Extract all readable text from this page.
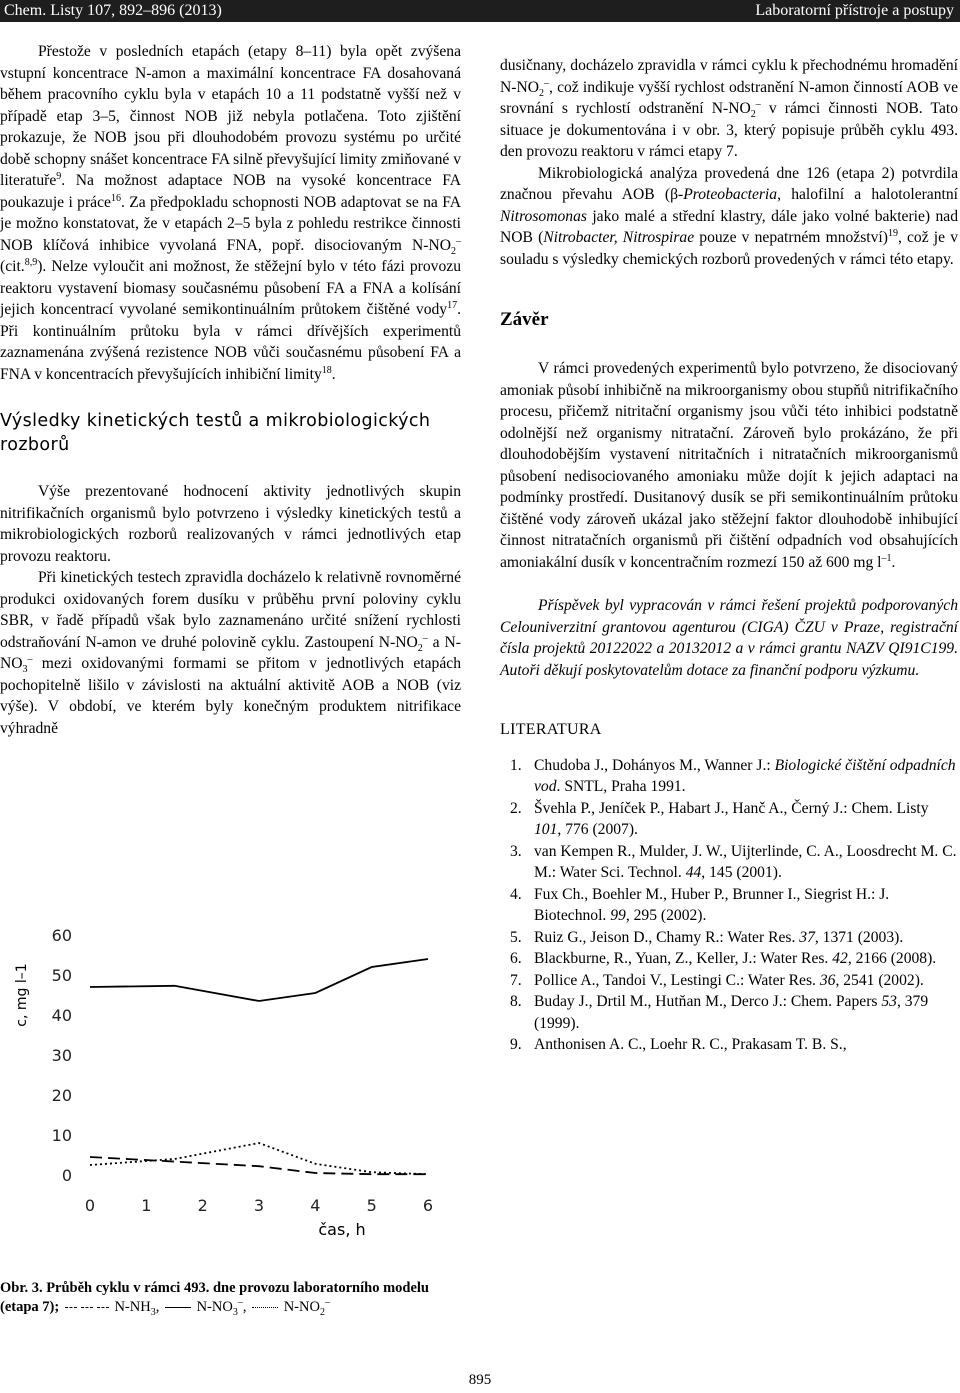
Chem. Listy 107, 892–896 (2013)	Laboratorní přístroje a postupy

Přestože v posledních etapách (etapy 8–11) byla opět zvýšena vstupní koncentrace N-amon a maximální koncentrace FA dosahovaná během pracovního cyklu byla v etapách 10 a 11 podstatně vyšší než v případě etap 3–5, činnost NOB již nebyla potlačena. Toto zjištění prokazuje, že NOB jsou při dlouhodobém provozu systému po určité době schopny snášet koncentrace FA silně převyšující limity zmiňované v literatuře$^9$. Na možnost adaptace NOB na vysoké koncentrace FA poukazuje i práce$^{16}$. Za předpokladu schopnosti NOB adaptovat se na FA je možno konstatovat, že v etapách 2–5 byla z pohledu restrikce činnosti NOB klíčová inhibice vyvolaná FNA, popř. disociovaným $N-NO_2^-$ (cit.$^{8,9}$). Nelze vyloučit ani možnost, že stěžejní bylo v této fázi provozu reaktoru vystavení biomasy současnému působení FA a FNA a kolísání jejich koncentrací vyvolané semikontinuálním průtokem čištěné vody$^{17}$. Při kontinuálním průtoku byla v rámci dřívějších experimentů zaznamenána zvýšená rezistence NOB vůči současnému působení FA a FNA v koncentracích převyšujících inhibiční limity$^{18}$.

Výsledky kinetických testů a mikrobiologických rozborů

Výše prezentované hodnocení aktivity jednotlivých skupin nitrifikačních organismů bylo potvrzeno i výsledky kinetických testů a mikrobiologických rozborů realizovaných v rámci jednotlivých etap provozu reaktoru.

Při kinetických testech zpravidla docházelo k relativně rovnoměrné produkci oxidovaných forem dusíku v průběhu první poloviny cyklu SBR, v řadě případů však bylo zaznamenáno určité snížení rychlosti odstraňování N-amon ve druhé polovině cyklu. Zastoupení $N-NO_2^-$ a $N-NO_3^-$ mezi oxidovanými formami se přitom v jednotlivých etapách pochopitelně lišilo v závislosti na aktuální aktivitě AOB a NOB (viz výše). V období, ve kterém byly konečným produktem nitrifikace výhradně

dusičnany, docházelo zpravidla v rámci cyklu k přechodnému hromadění $N-NO_2^-$, což indikuje vyšší rychlost odstranění N-amon činností AOB ve srovnání s rychlostí odstranění $N-NO_2^-$ v rámci činnosti NOB. Tato situace je dokumentována i v obr. 3, který popisuje průběh cyklu 493. den provozu reaktoru v rámci etapy 7.

Mikrobiologická analýza provedená dne 126 (etapa 2) potvrdila značnou převahu AOB (β-Proteobacteria, halofilní a halotolerantní Nitrosomonas jako malé a střední klastry, dále jako volné bakterie) nad NOB (Nitrobacter, Nitrospirae pouze v nepatrném množství)$^{19}$, což je v souladu s výsledky chemických rozborů provedených v rámci této etapy.

Závěr

V rámci provedených experimentů bylo potvrzeno, že disociovaný amoniak působí inhibičně na mikroorganismy obou stupňů nitrifikačního procesu, přičemž nitritační organismy jsou vůči této inhibici podstatně odolnější než organismy nitratační. Zároveň bylo prokázáno, že při dlouhodobějším vystavení nitritačních i nitratačních mikroorganismů působení nedisociovaného amoniaku může dojít k jejich adaptaci na podmínky prostředí. Dusitanový dusík se při semikontinuálním průtoku čištěné vody zároveň ukázal jako stěžejní faktor dlouhodobě inhibující činnost nitratačních organismů při čištění odpadních vod obsahujících amoniakální dusík v koncentračním rozmezí 150 až 600 mg $l^{-1}$.

Příspěvek byl vypracován v rámci řešení projektů podporovaných Celouniverzitní grantovou agenturou (CIGA) ČZU v Praze, registrační čísla projektů 20122022 a 20132012 a v rámci grantu NAZV QI91C199. Autoři děkují poskytovatelům dotace za finanční podporu výzkumu.

LITERATURA
1. Chudoba J., Dohányos M., Wanner J.: Biologické čištění odpadních vod. SNTL, Praha 1991.
2. Švehla P., Jeníček P., Habart J., Hanč A., Černý J.: Chem. Listy 101, 776 (2007).
3. van Kempen R., Mulder, J. W., Uijterlinde, C. A., Loosdrecht M. C. M.: Water Sci. Technol. 44, 145 (2001).
4. Fux Ch., Boehler M., Huber P., Brunner I., Siegrist H.: J. Biotechnol. 99, 295 (2002).
5. Ruiz G., Jeison D., Chamy R.: Water Res. 37, 1371 (2003).
6. Blackburne, R., Yuan, Z., Keller, J.: Water Res. 42, 2166 (2008).
7. Pollice A., Tandoi V., Lestingi C.: Water Res. 36, 2541 (2002).
8. Buday J., Drtil M., Hutňan M., Derco J.: Chem. Papers 53, 379 (1999).
9. Anthonisen A. C., Loehr R. C., Prakasam T. B. S.,
0
10
20
30
40
50
60
0	1	2	3	4	5	6
čas, h
c, mg l–1
Obr. 3. Průběh cyklu v rámci 493. dne provozu laboratorního modelu (etapa 7);	$N-NH_3$,  $N-NO_3^-$,  $N-NO_2^-$
895
